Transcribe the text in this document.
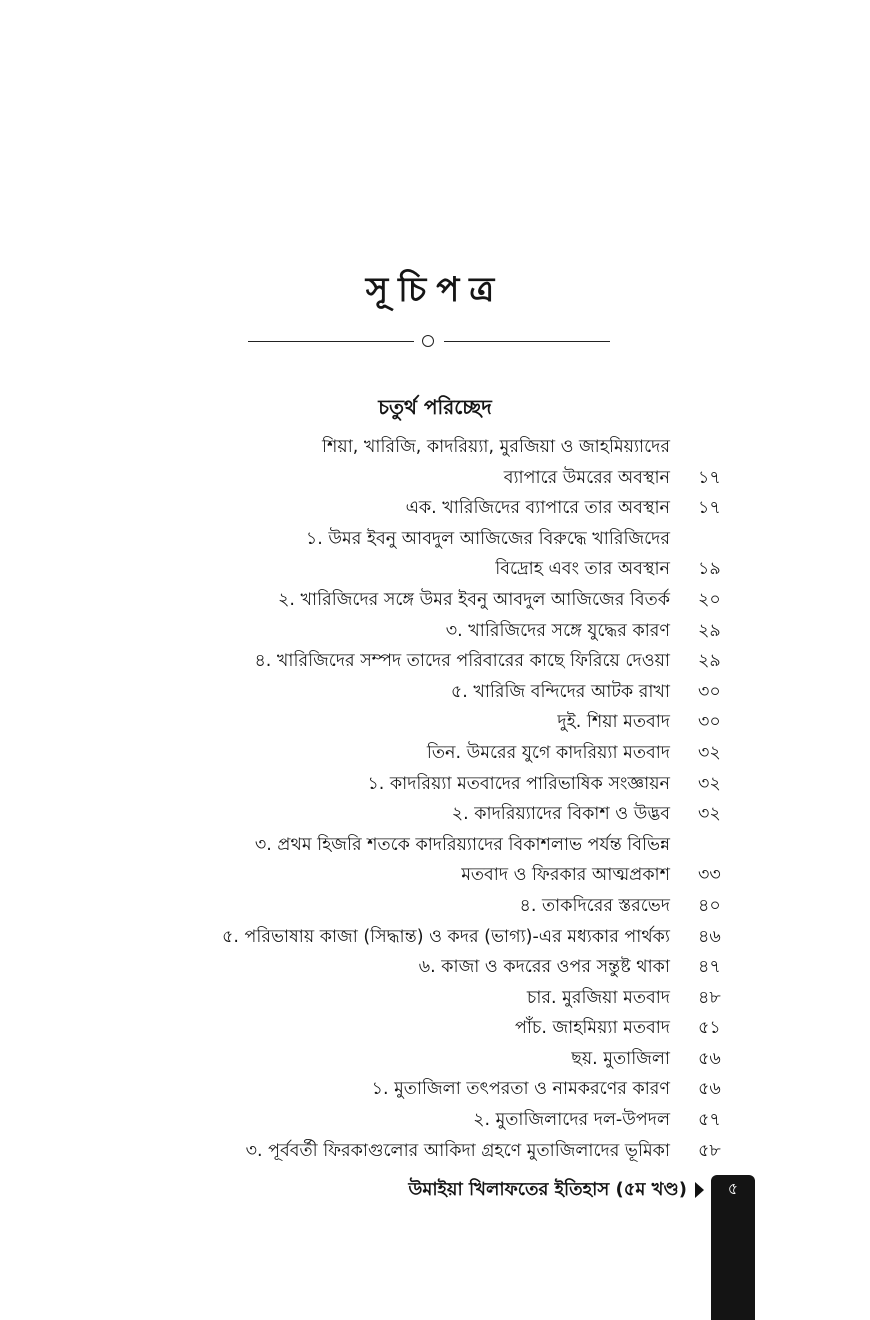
সূচিপত্র
চতুর্থ পরিচ্ছেদ
শিয়া, খারিজি, কাদরিয়্যা, মুরজিয়া ও জাহমিয়্যাদের
ব্যাপারে উমরের অবস্থান ১৭
এক. খারিজিদের ব্যাপারে তার অবস্থান ১৭
১. উমর ইবনু আবদুল আজিজের বিরুদ্ধে খারিজিদের
বিদ্রোহ এবং তার অবস্থান ১৯
২. খারিজিদের সঙ্গে উমর ইবনু আবদুল আজিজের বিতর্ক ২০
৩. খারিজিদের সঙ্গে যুদ্ধের কারণ ২৯
৪. খারিজিদের সম্পদ তাদের পরিবারের কাছে ফিরিয়ে দেওয়া ২৯
৫. খারিজি বন্দিদের আটক রাখা ৩০
দুই. শিয়া মতবাদ ৩০
তিন. উমরের যুগে কাদরিয়্যা মতবাদ ৩২
১. কাদরিয়্যা মতবাদের পারিভাষিক সংজ্ঞায়ন ৩২
২. কাদরিয়্যাদের বিকাশ ও উদ্ভব ৩২
৩. প্রথম হিজরি শতকে কাদরিয়্যাদের বিকাশলাভ পর্যন্ত বিভিন্ন
মতবাদ ও ফিরকার আত্মপ্রকাশ ৩৩
৪. তাকদিরের স্তরভেদ ৪০
৫. পরিভাষায় কাজা (সিদ্ধান্ত) ও কদর (ভাগ্য)-এর মধ্যকার পার্থক্য ৪৬
৬. কাজা ও কদরের ওপর সন্তুষ্ট থাকা ৪৭
চার. মুরজিয়া মতবাদ ৪৮
পাঁচ. জাহমিয়্যা মতবাদ ৫১
ছয়. মুতাজিলা ৫৬
১. মুতাজিলা তৎপরতা ও নামকরণের কারণ ৫৬
২. মুতাজিলাদের দল-উপদল ৫৭
৩. পূর্ববর্তী ফিরকাগুলোর আকিদা গ্রহণে মুতাজিলাদের ভূমিকা ৫৮
উমাইয়া খিলাফতের ইতিহাস (৫ম খণ্ড)	৫
